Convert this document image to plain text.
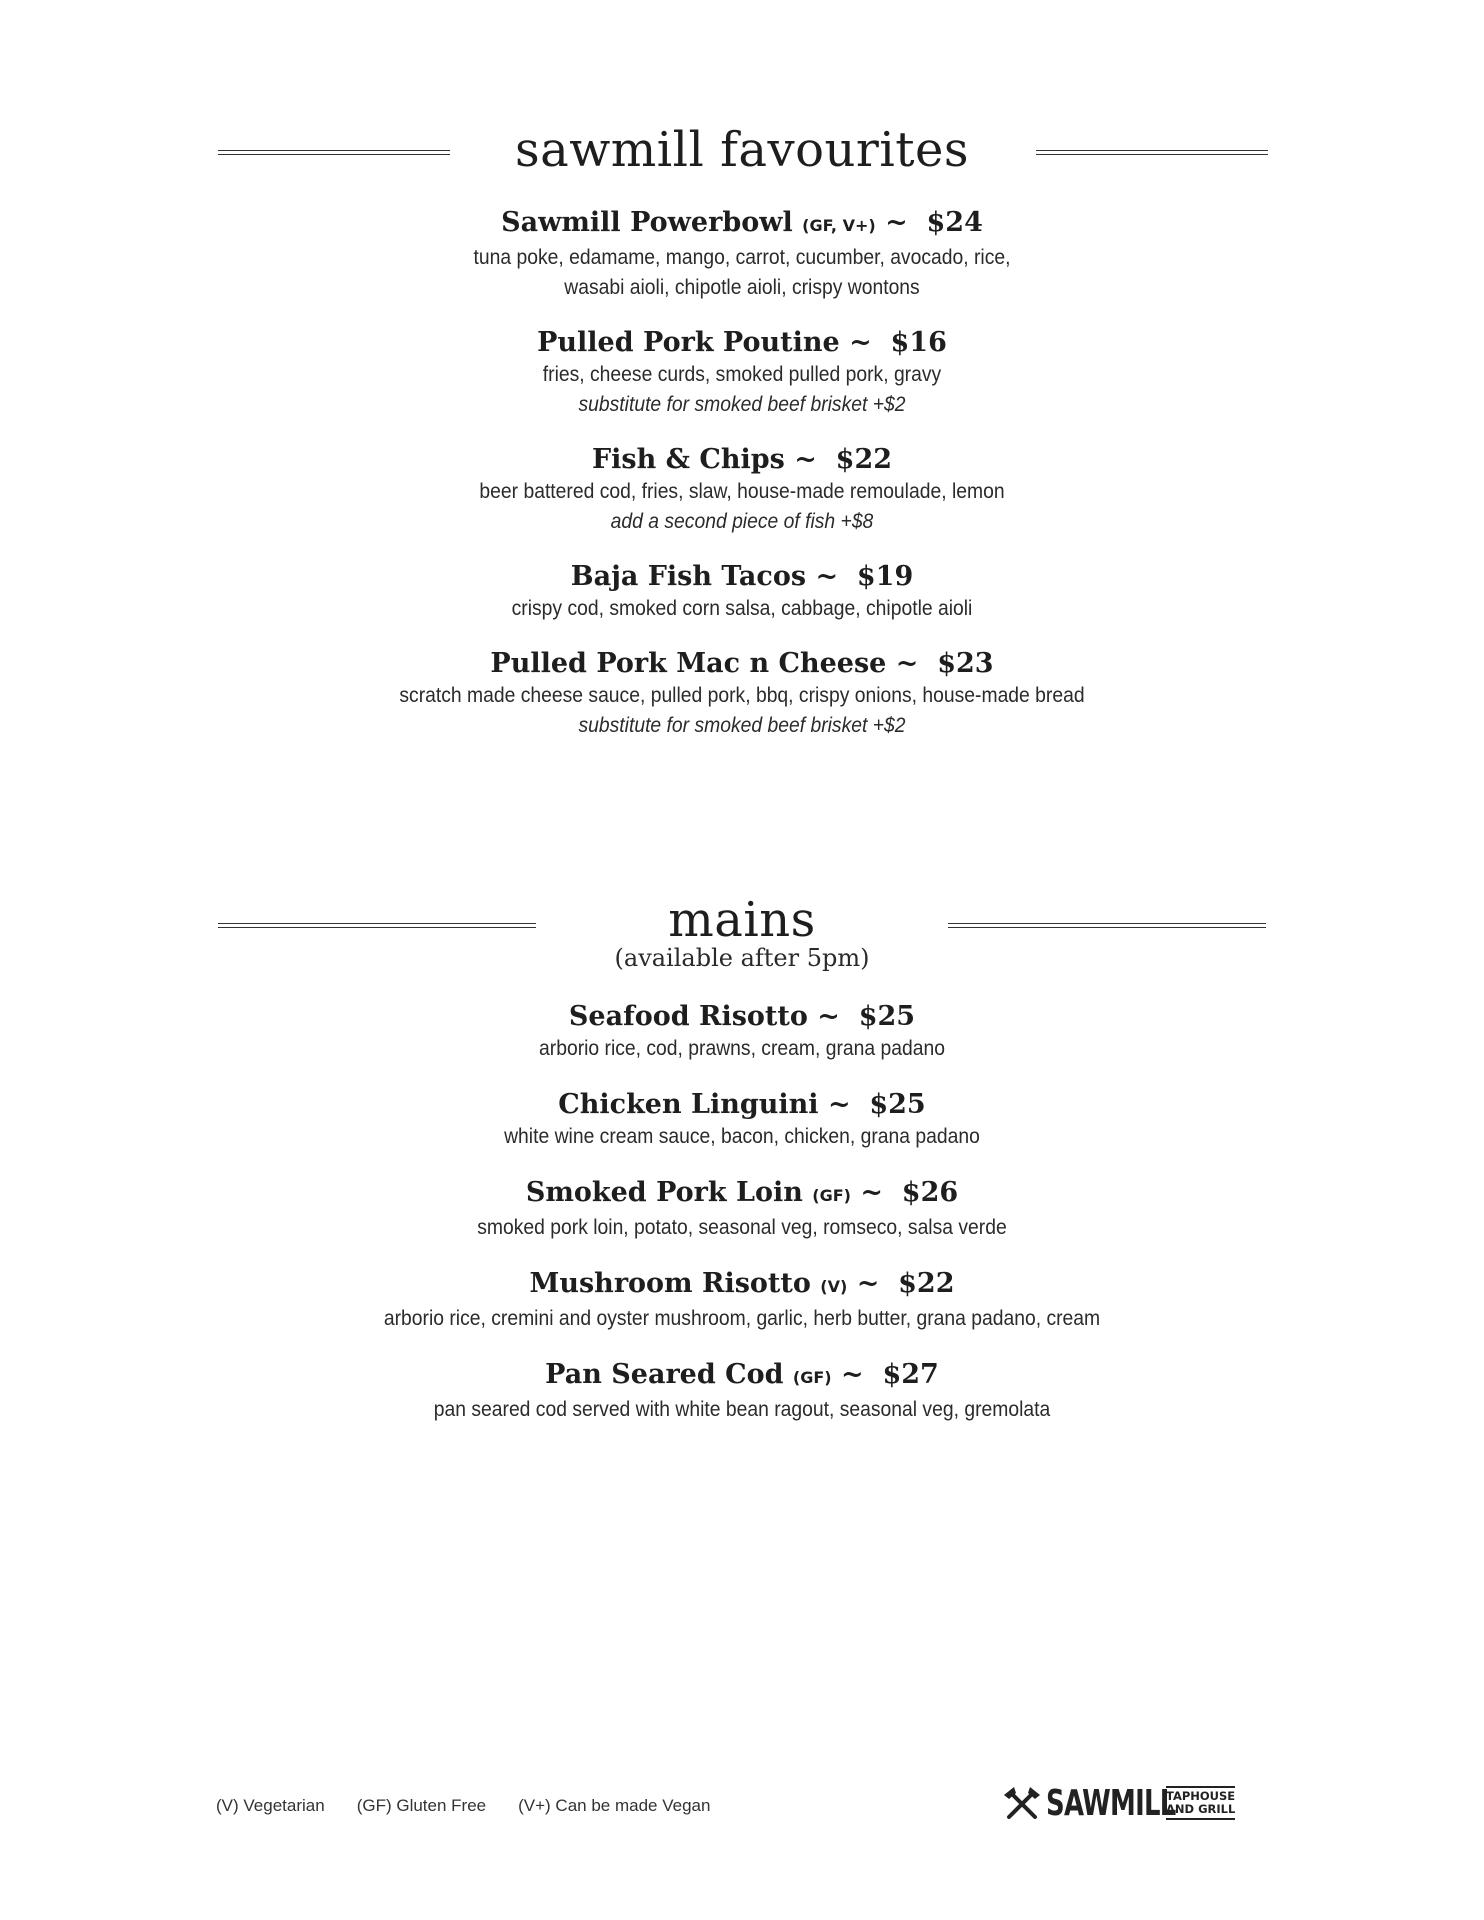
sawmill favourites
Sawmill Powerbowl (GF, V+) ~  $24
tuna poke, edamame, mango, carrot, cucumber, avocado, rice,
wasabi aioli, chipotle aioli, crispy wontons
Pulled Pork Poutine ~  $16
fries, cheese curds, smoked pulled pork, gravy
substitute for smoked beef brisket +$2
Fish & Chips ~  $22
beer battered cod, fries, slaw, house-made remoulade, lemon
add a second piece of fish +$8
Baja Fish Tacos ~  $19
crispy cod, smoked corn salsa, cabbage, chipotle aioli
Pulled Pork Mac n Cheese ~  $23
scratch made cheese sauce, pulled pork, bbq, crispy onions, house-made bread
substitute for smoked beef brisket +$2
mains
(available after 5pm)
Seafood Risotto ~  $25
arborio rice, cod, prawns, cream, grana padano
Chicken Linguini ~  $25
white wine cream sauce, bacon, chicken, grana padano
Smoked Pork Loin (GF) ~  $26
smoked pork loin, potato, seasonal veg, romseco, salsa verde
Mushroom Risotto (V) ~  $22
arborio rice, cremini and oyster mushroom, garlic, herb butter, grana padano, cream
Pan Seared Cod (GF) ~  $27
pan seared cod served with white bean ragout, seasonal veg, gremolata
(V) Vegetarian (GF) Gluten Free (V+) Can be made Vegan	SAWMILL
TAPHOUSE
AND GRILL
